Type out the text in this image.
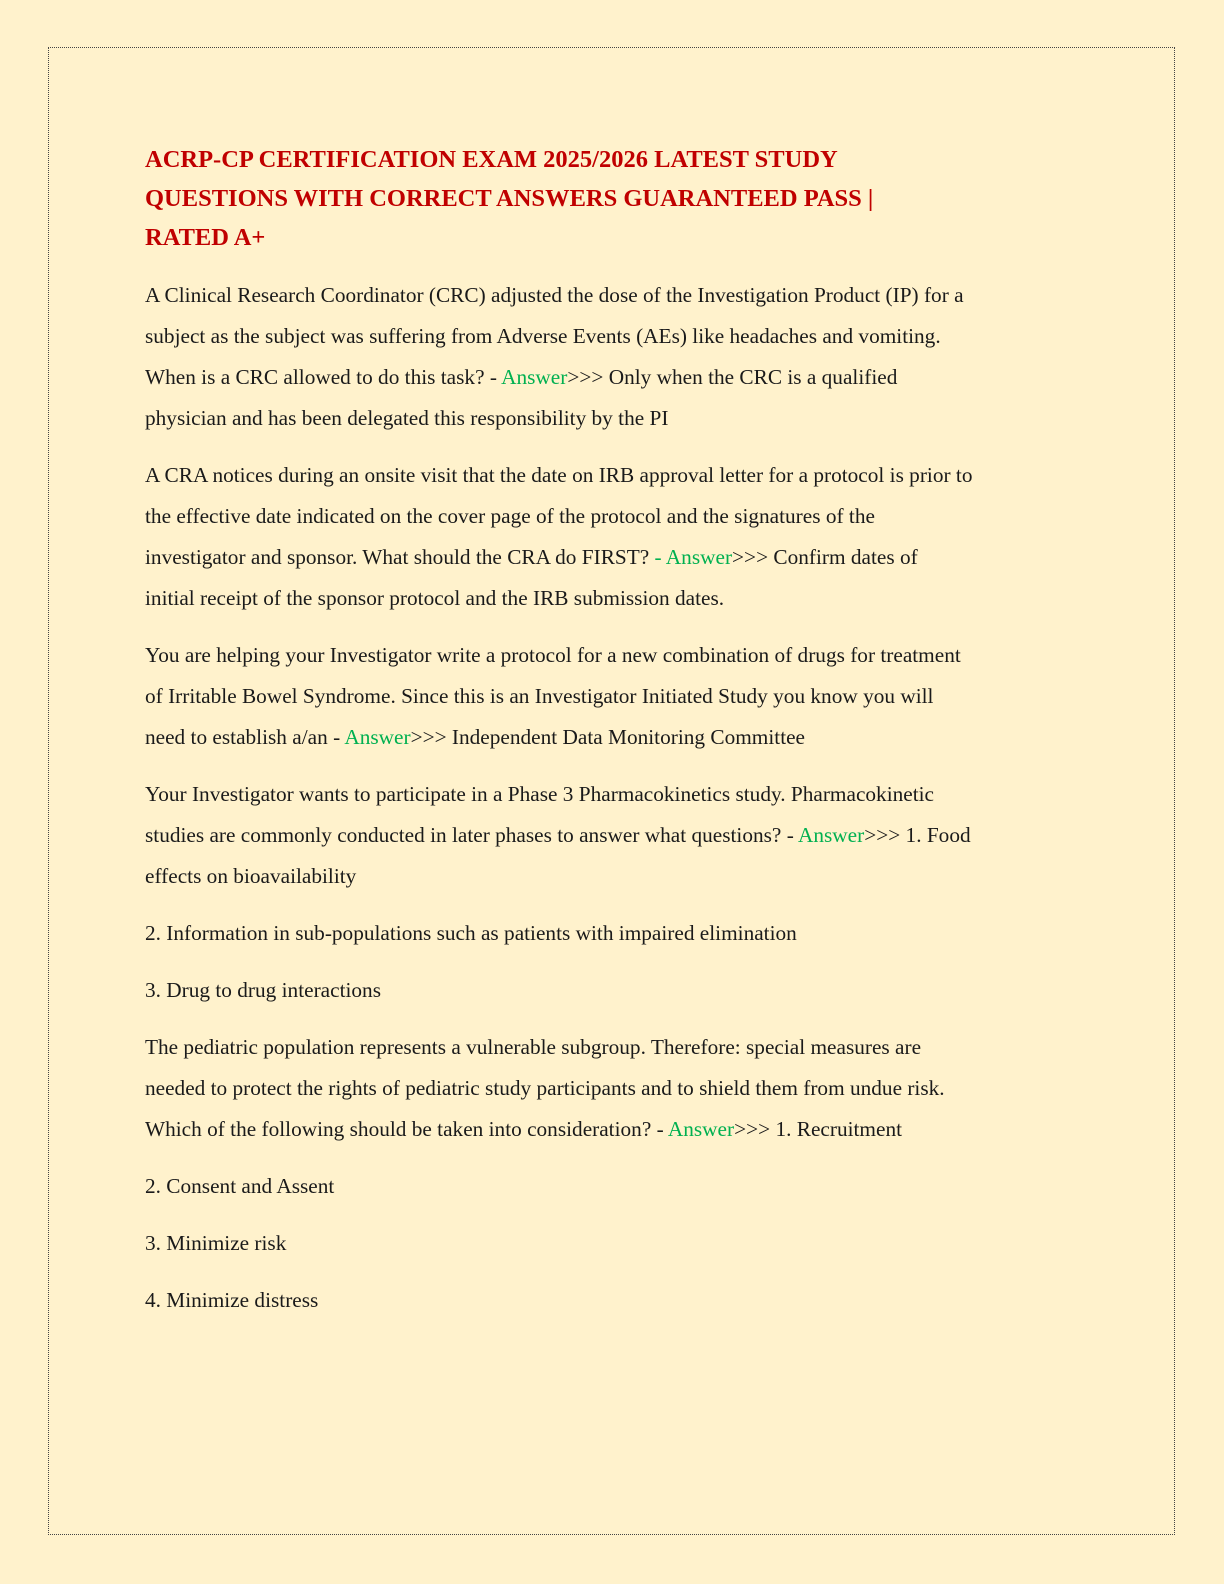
ACRP-CP CERTIFICATION EXAM 2025/2026 LATEST STUDY
QUESTIONS WITH CORRECT ANSWERS GUARANTEED PASS |
RATED A+

A Clinical Research Coordinator (CRC) adjusted the dose of the Investigation Product (IP) for a
subject as the subject was suffering from Adverse Events (AEs) like headaches and vomiting.
When is a CRC allowed to do this task? - Answer>>> Only when the CRC is a qualified
physician and has been delegated this responsibility by the PI

A CRA notices during an onsite visit that the date on IRB approval letter for a protocol is prior to
the effective date indicated on the cover page of the protocol and the signatures of the
investigator and sponsor. What should the CRA do FIRST? - Answer>>> Confirm dates of
initial receipt of the sponsor protocol and the IRB submission dates.

You are helping your Investigator write a protocol for a new combination of drugs for treatment
of Irritable Bowel Syndrome. Since this is an Investigator Initiated Study you know you will
need to establish a/an - Answer>>> Independent Data Monitoring Committee

Your Investigator wants to participate in a Phase 3 Pharmacokinetics study. Pharmacokinetic
studies are commonly conducted in later phases to answer what questions? - Answer>>> 1. Food
effects on bioavailability

2. Information in sub-populations such as patients with impaired elimination

3. Drug to drug interactions

The pediatric population represents a vulnerable subgroup. Therefore: special measures are
needed to protect the rights of pediatric study participants and to shield them from undue risk.
Which of the following should be taken into consideration? - Answer>>> 1. Recruitment

2. Consent and Assent

3. Minimize risk

4. Minimize distress
